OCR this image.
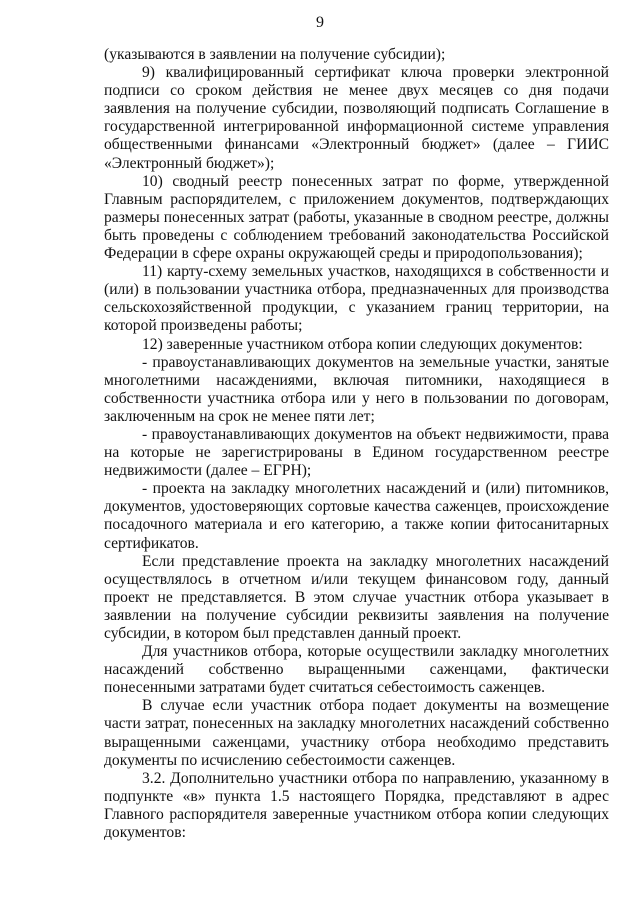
9

(указываются в заявлении на получение субсидии);

9) квалифицированный сертификат ключа проверки электронной подписи со сроком действия не менее двух месяцев со дня подачи заявления на получение субсидии, позволяющий подписать Соглашение в государственной интегрированной информационной системе управления общественными финансами «Электронный бюджет» (далее – ГИИС «Электронный бюджет»);

10) сводный реестр понесенных затрат по форме, утвержденной Главным распорядителем, с приложением документов, подтверждающих размеры понесенных затрат (работы, указанные в сводном реестре, должны быть проведены с соблюдением требований законодательства Российской Федерации в сфере охраны окружающей среды и природопользования);

11) карту-схему земельных участков, находящихся в собственности и (или) в пользовании участника отбора, предназначенных для производства сельскохозяйственной продукции, с указанием границ территории, на которой произведены работы;

12) заверенные участником отбора копии следующих документов:

- правоустанавливающих документов на земельные участки, занятые многолетними насаждениями, включая питомники, находящиеся в собственности участника отбора или у него в пользовании по договорам, заключенным на срок не менее пяти лет;

- правоустанавливающих документов на объект недвижимости, права на которые не зарегистрированы в Едином государственном реестре недвижимости (далее – ЕГРН);

- проекта на закладку многолетних насаждений и (или) питомников, документов, удостоверяющих сортовые качества саженцев, происхождение посадочного материала и его категорию, а также копии фитосанитарных сертификатов.

Если представление проекта на закладку многолетних насаждений осуществлялось в отчетном и/или текущем финансовом году, данный проект не представляется. В этом случае участник отбора указывает в заявлении на получение субсидии реквизиты заявления на получение субсидии, в котором был представлен данный проект.

Для участников отбора, которые осуществили закладку многолетних насаждений собственно выращенными саженцами, фактически понесенными затратами будет считаться себестоимость саженцев.

В случае если участник отбора подает документы на возмещение части затрат, понесенных на закладку многолетних насаждений собственно выращенными саженцами, участнику отбора необходимо представить документы по исчислению себестоимости саженцев.

3.2. Дополнительно участники отбора по направлению, указанному в подпункте «в» пункта 1.5 настоящего Порядка, представляют в адрес Главного распорядителя заверенные участником отбора копии следующих документов:
